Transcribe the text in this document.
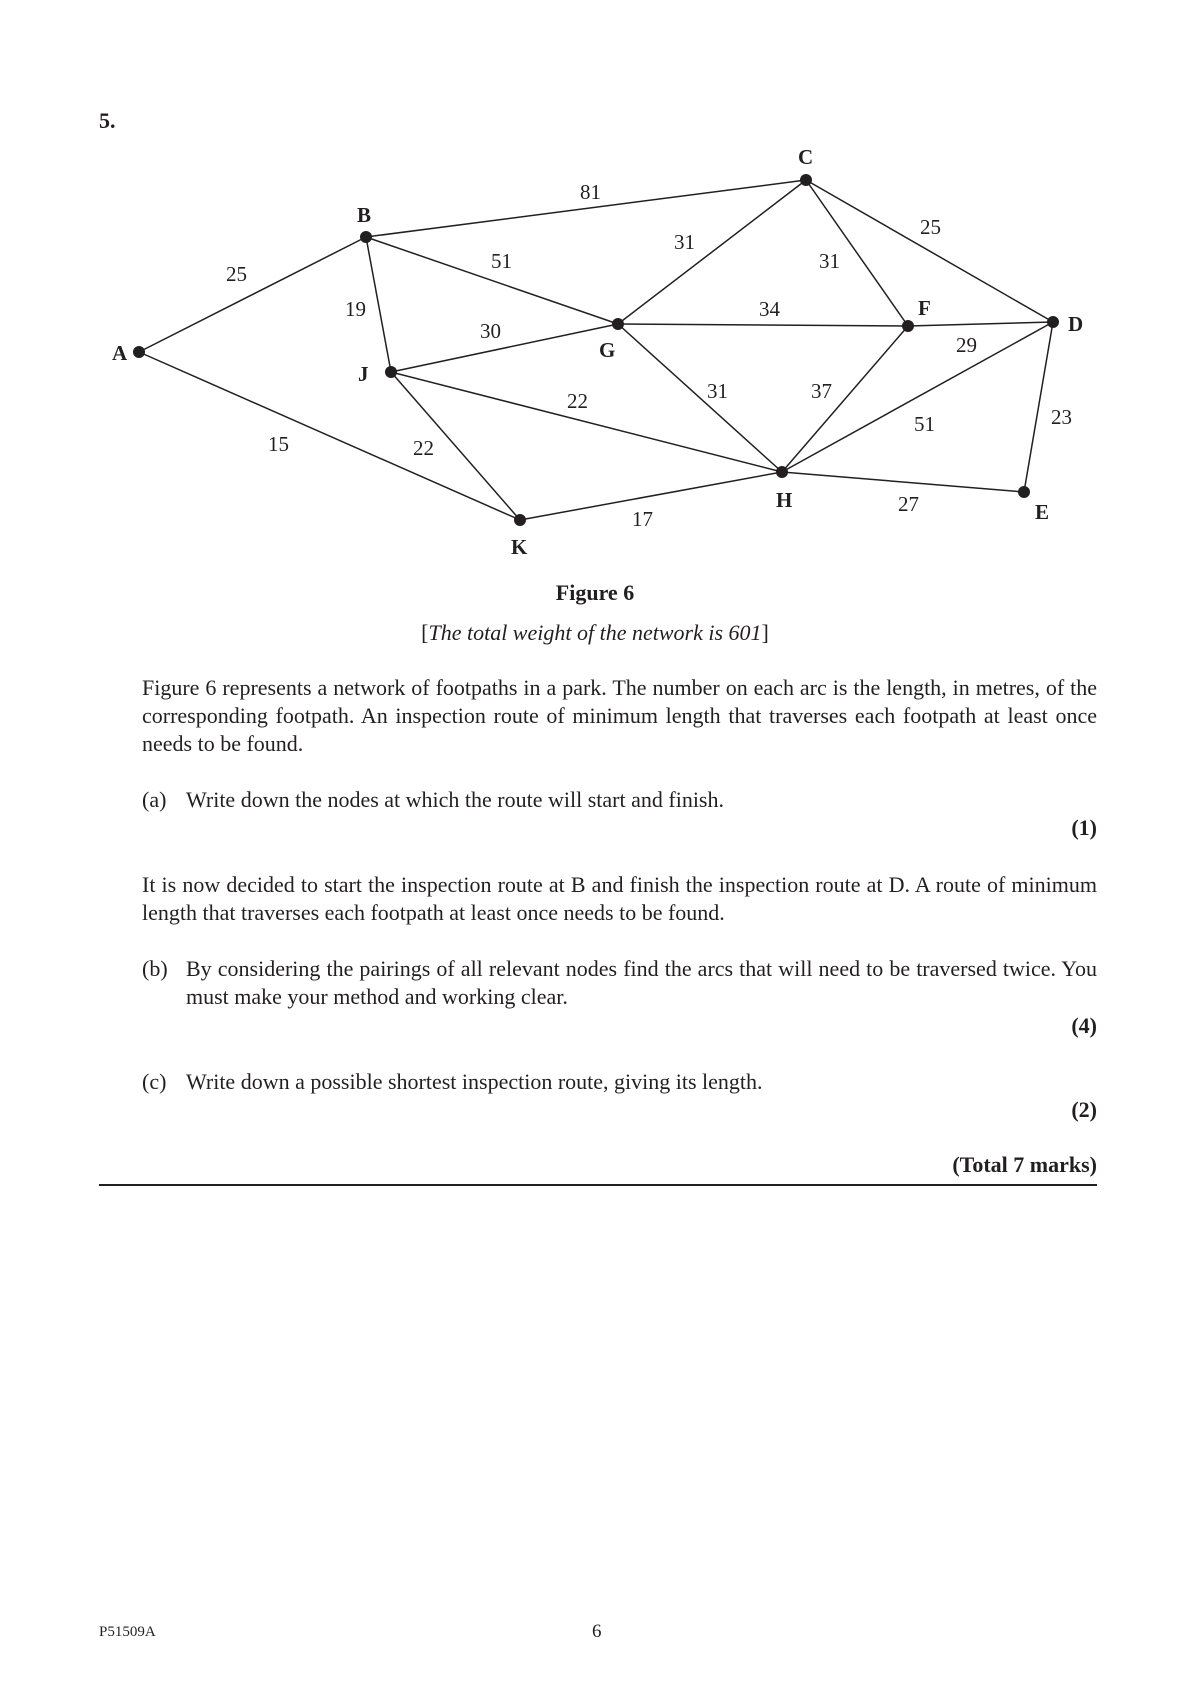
5.
25
15
81
51
19
30
22
22
17
31
34
31
31
25
29
37
51
27
23
A
B
C
D
E
F
G
H
J
K
Figure 6
[The total weight of the network is 601]
Figure 6 represents a network of footpaths in a park. The number on each arc is the length, in metres, of the corresponding footpath. An inspection route of minimum length that traverses each footpath at least once needs to be found.
(a) Write down the nodes at which the route will start and finish.
(1)
It is now decided to start the inspection route at B and finish the inspection route at D. A route of minimum length that traverses each footpath at least once needs to be found.
(b) By considering the pairings of all relevant nodes find the arcs that will need to be traversed twice. You must make your method and working clear.
(4)
(c) Write down a possible shortest inspection route, giving its length.
(2)
(Total 7 marks)
P51509A	6
